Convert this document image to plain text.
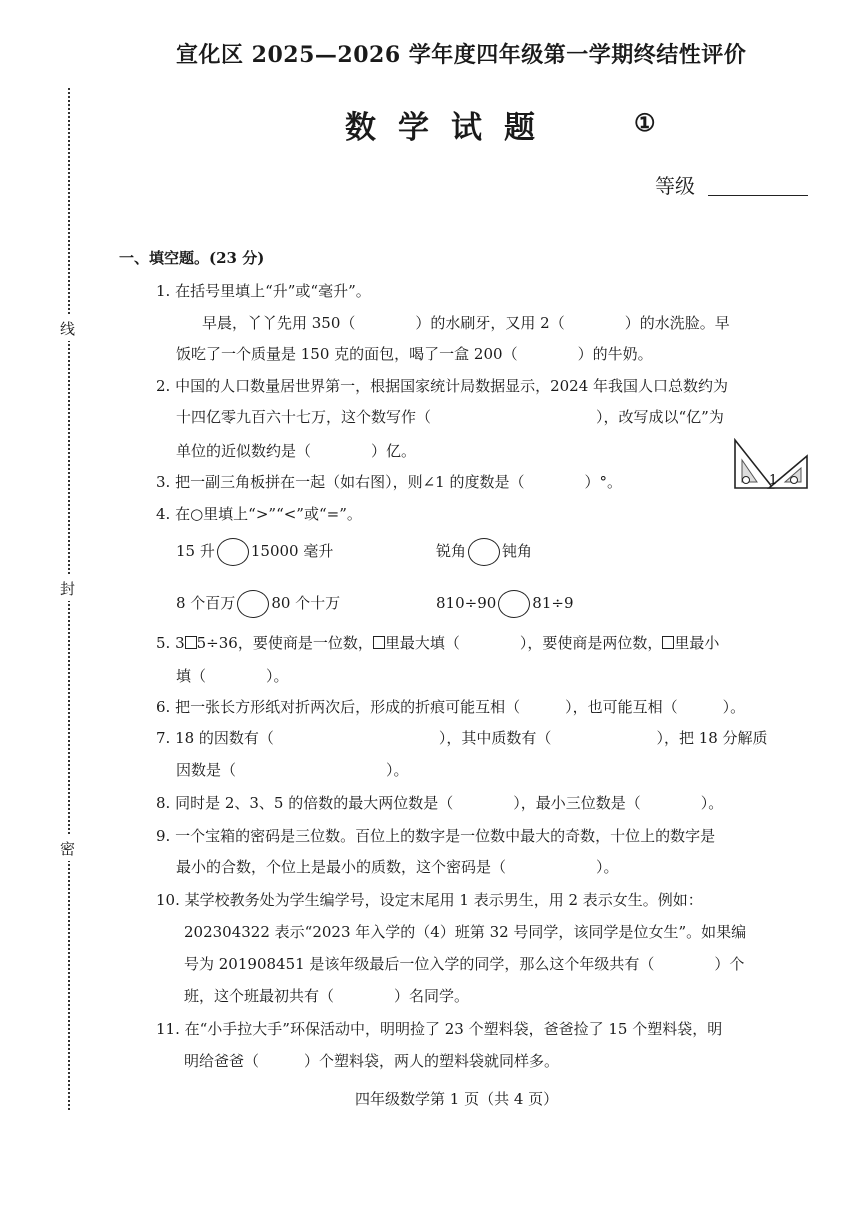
宣化区 2025—2026 学年度四年级第一学期终结性评价
数学试题	①
等级
线
封
密
一、填空题。(23 分)
1. 在括号里填上“升”或“毫升”。
早晨，丫丫先用 350（　　　　）的水刷牙，又用 2（　　　　）的水洗脸。早
饭吃了一个质量是 150 克的面包，喝了一盒 200（　　　　）的牛奶。
2. 中国的人口数量居世界第一，根据国家统计局数据显示，2024 年我国人口总数约为
十四亿零九百六十七万，这个数写作（　　　　　　　　　　　），改写成以“亿”为
单位的近似数约是（　　　　）亿。
3. 把一副三角板拼在一起（如右图），则∠1 的度数是（　　　　）°。
4. 在○里填上“>”“<”或“=”。
1
15 升 15000 毫升	锐角 钝角
8 个百万 80 个十万	810÷90 81÷9
5. 3 5÷36，要使商是一位数， 里最大填（　　　　），要使商是两位数， 里最小
填（　　　　）。
6. 把一张长方形纸对折两次后，形成的折痕可能互相（　　　），也可能互相（　　　）。
7. 18 的因数有（　　　　　　　　　　　），其中质数有（　　　　　　　），把 18 分解质
因数是（　　　　　　　　　　）。
8. 同时是 2、3、5 的倍数的最大两位数是（　　　　），最小三位数是（　　　　）。
9. 一个宝箱的密码是三位数。百位上的数字是一位数中最大的奇数，十位上的数字是
最小的合数，个位上是最小的质数，这个密码是（　　　　　　）。
10. 某学校教务处为学生编学号，设定末尾用 1 表示男生，用 2 表示女生。例如：
202304322 表示“2023 年入学的（4）班第 32 号同学，该同学是位女生”。如果编
号为 201908451 是该年级最后一位入学的同学，那么这个年级共有（　　　　）个
班，这个班最初共有（　　　　）名同学。
11. 在“小手拉大手”环保活动中，明明捡了 23 个塑料袋，爸爸捡了 15 个塑料袋，明
明给爸爸（　　　）个塑料袋，两人的塑料袋就同样多。
四年级数学第 1 页（共 4 页）
